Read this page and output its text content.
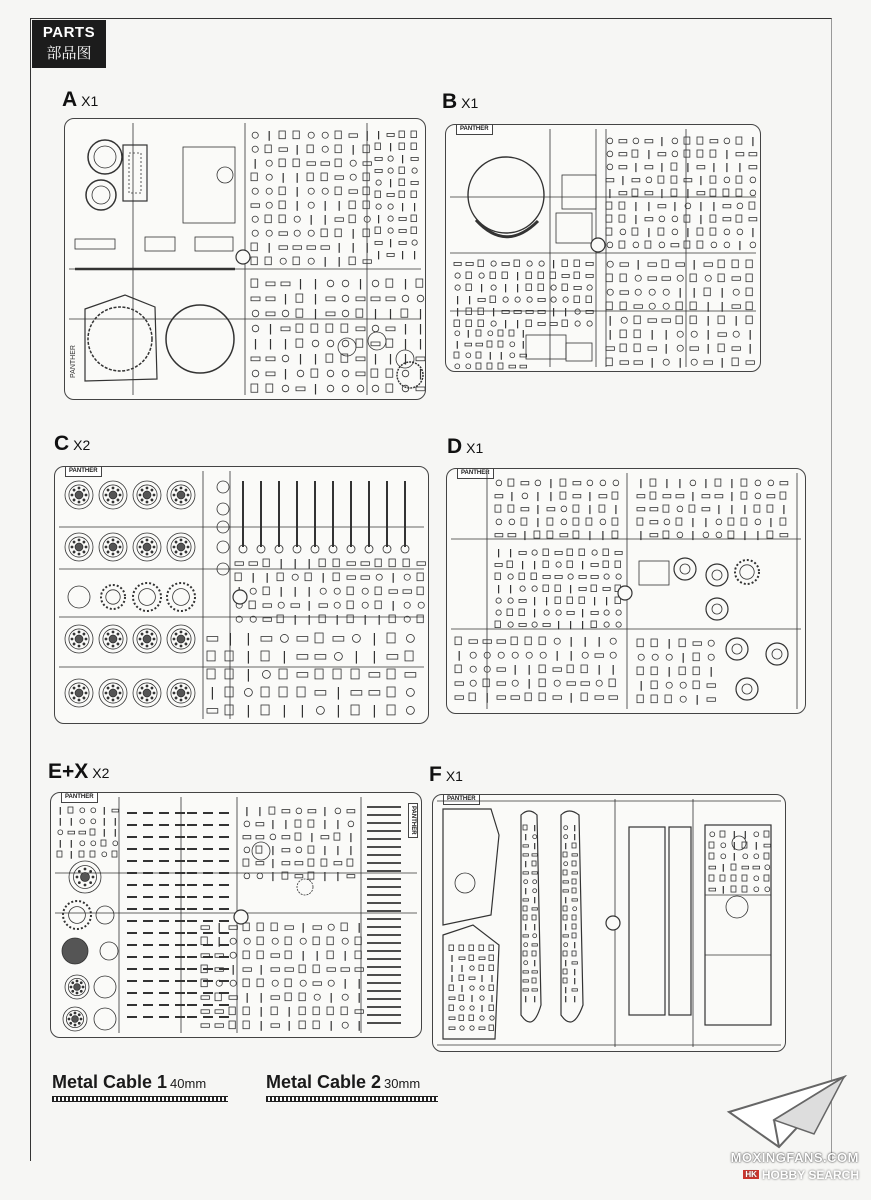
PARTS
部品图
A X1
PANTHER
B X1
PANTHER
C X2
PANTHER
D X1
PANTHER
E+X X2
PANTHER
PANTHER
F X1
PANTHER
Metal Cable 1 40mm	Metal Cable 2 30mm
MOXINGFANS.COM
HK HOBBY SEARCH
